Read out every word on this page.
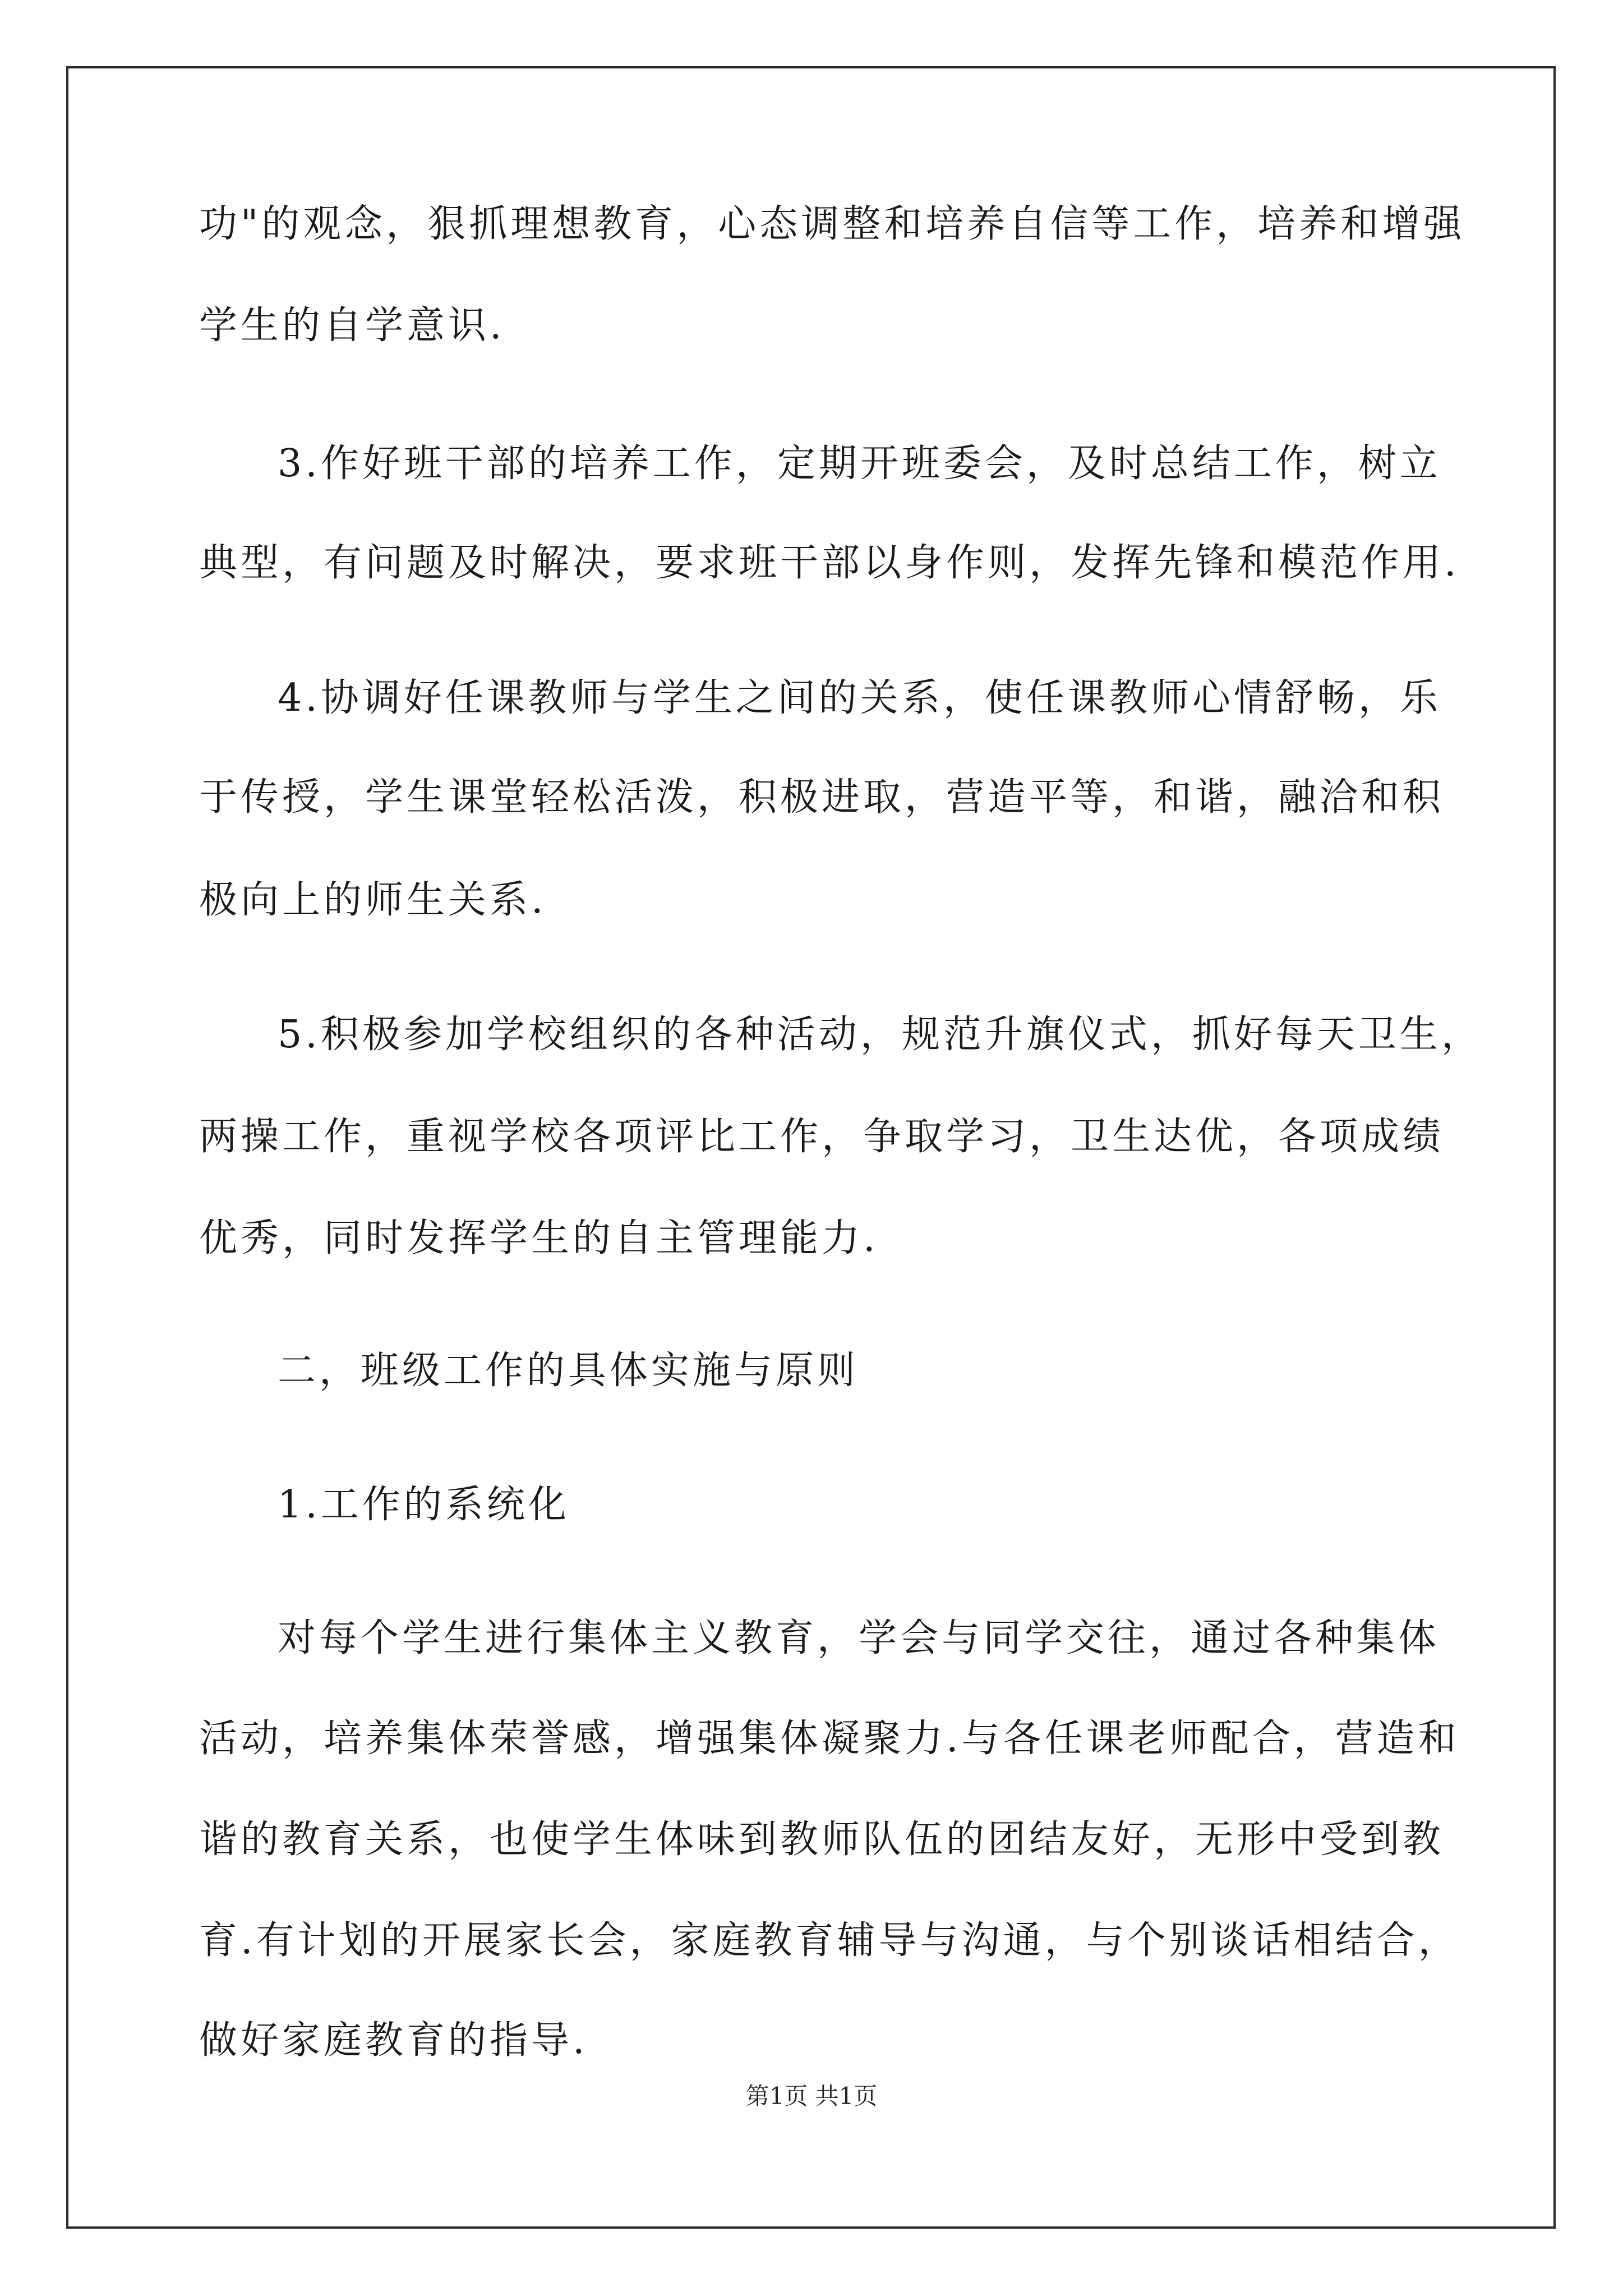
功"的观念，狠抓理想教育，心态调整和培养自信等工作，培养和增强
学生的自学意识.
3.作好班干部的培养工作，定期开班委会，及时总结工作，树立
典型，有问题及时解决，要求班干部以身作则，发挥先锋和模范作用.
4.协调好任课教师与学生之间的关系，使任课教师心情舒畅，乐
于传授，学生课堂轻松活泼，积极进取，营造平等，和谐，融洽和积
极向上的师生关系.
5.积极参加学校组织的各种活动，规范升旗仪式，抓好每天卫生，
两操工作，重视学校各项评比工作，争取学习，卫生达优，各项成绩
优秀，同时发挥学生的自主管理能力.
二，班级工作的具体实施与原则
1.工作的系统化
对每个学生进行集体主义教育，学会与同学交往，通过各种集体
活动，培养集体荣誉感，增强集体凝聚力.与各任课老师配合，营造和
谐的教育关系，也使学生体味到教师队伍的团结友好，无形中受到教
育.有计划的开展家长会，家庭教育辅导与沟通，与个别谈话相结合，
做好家庭教育的指导.
第1页 共1页
